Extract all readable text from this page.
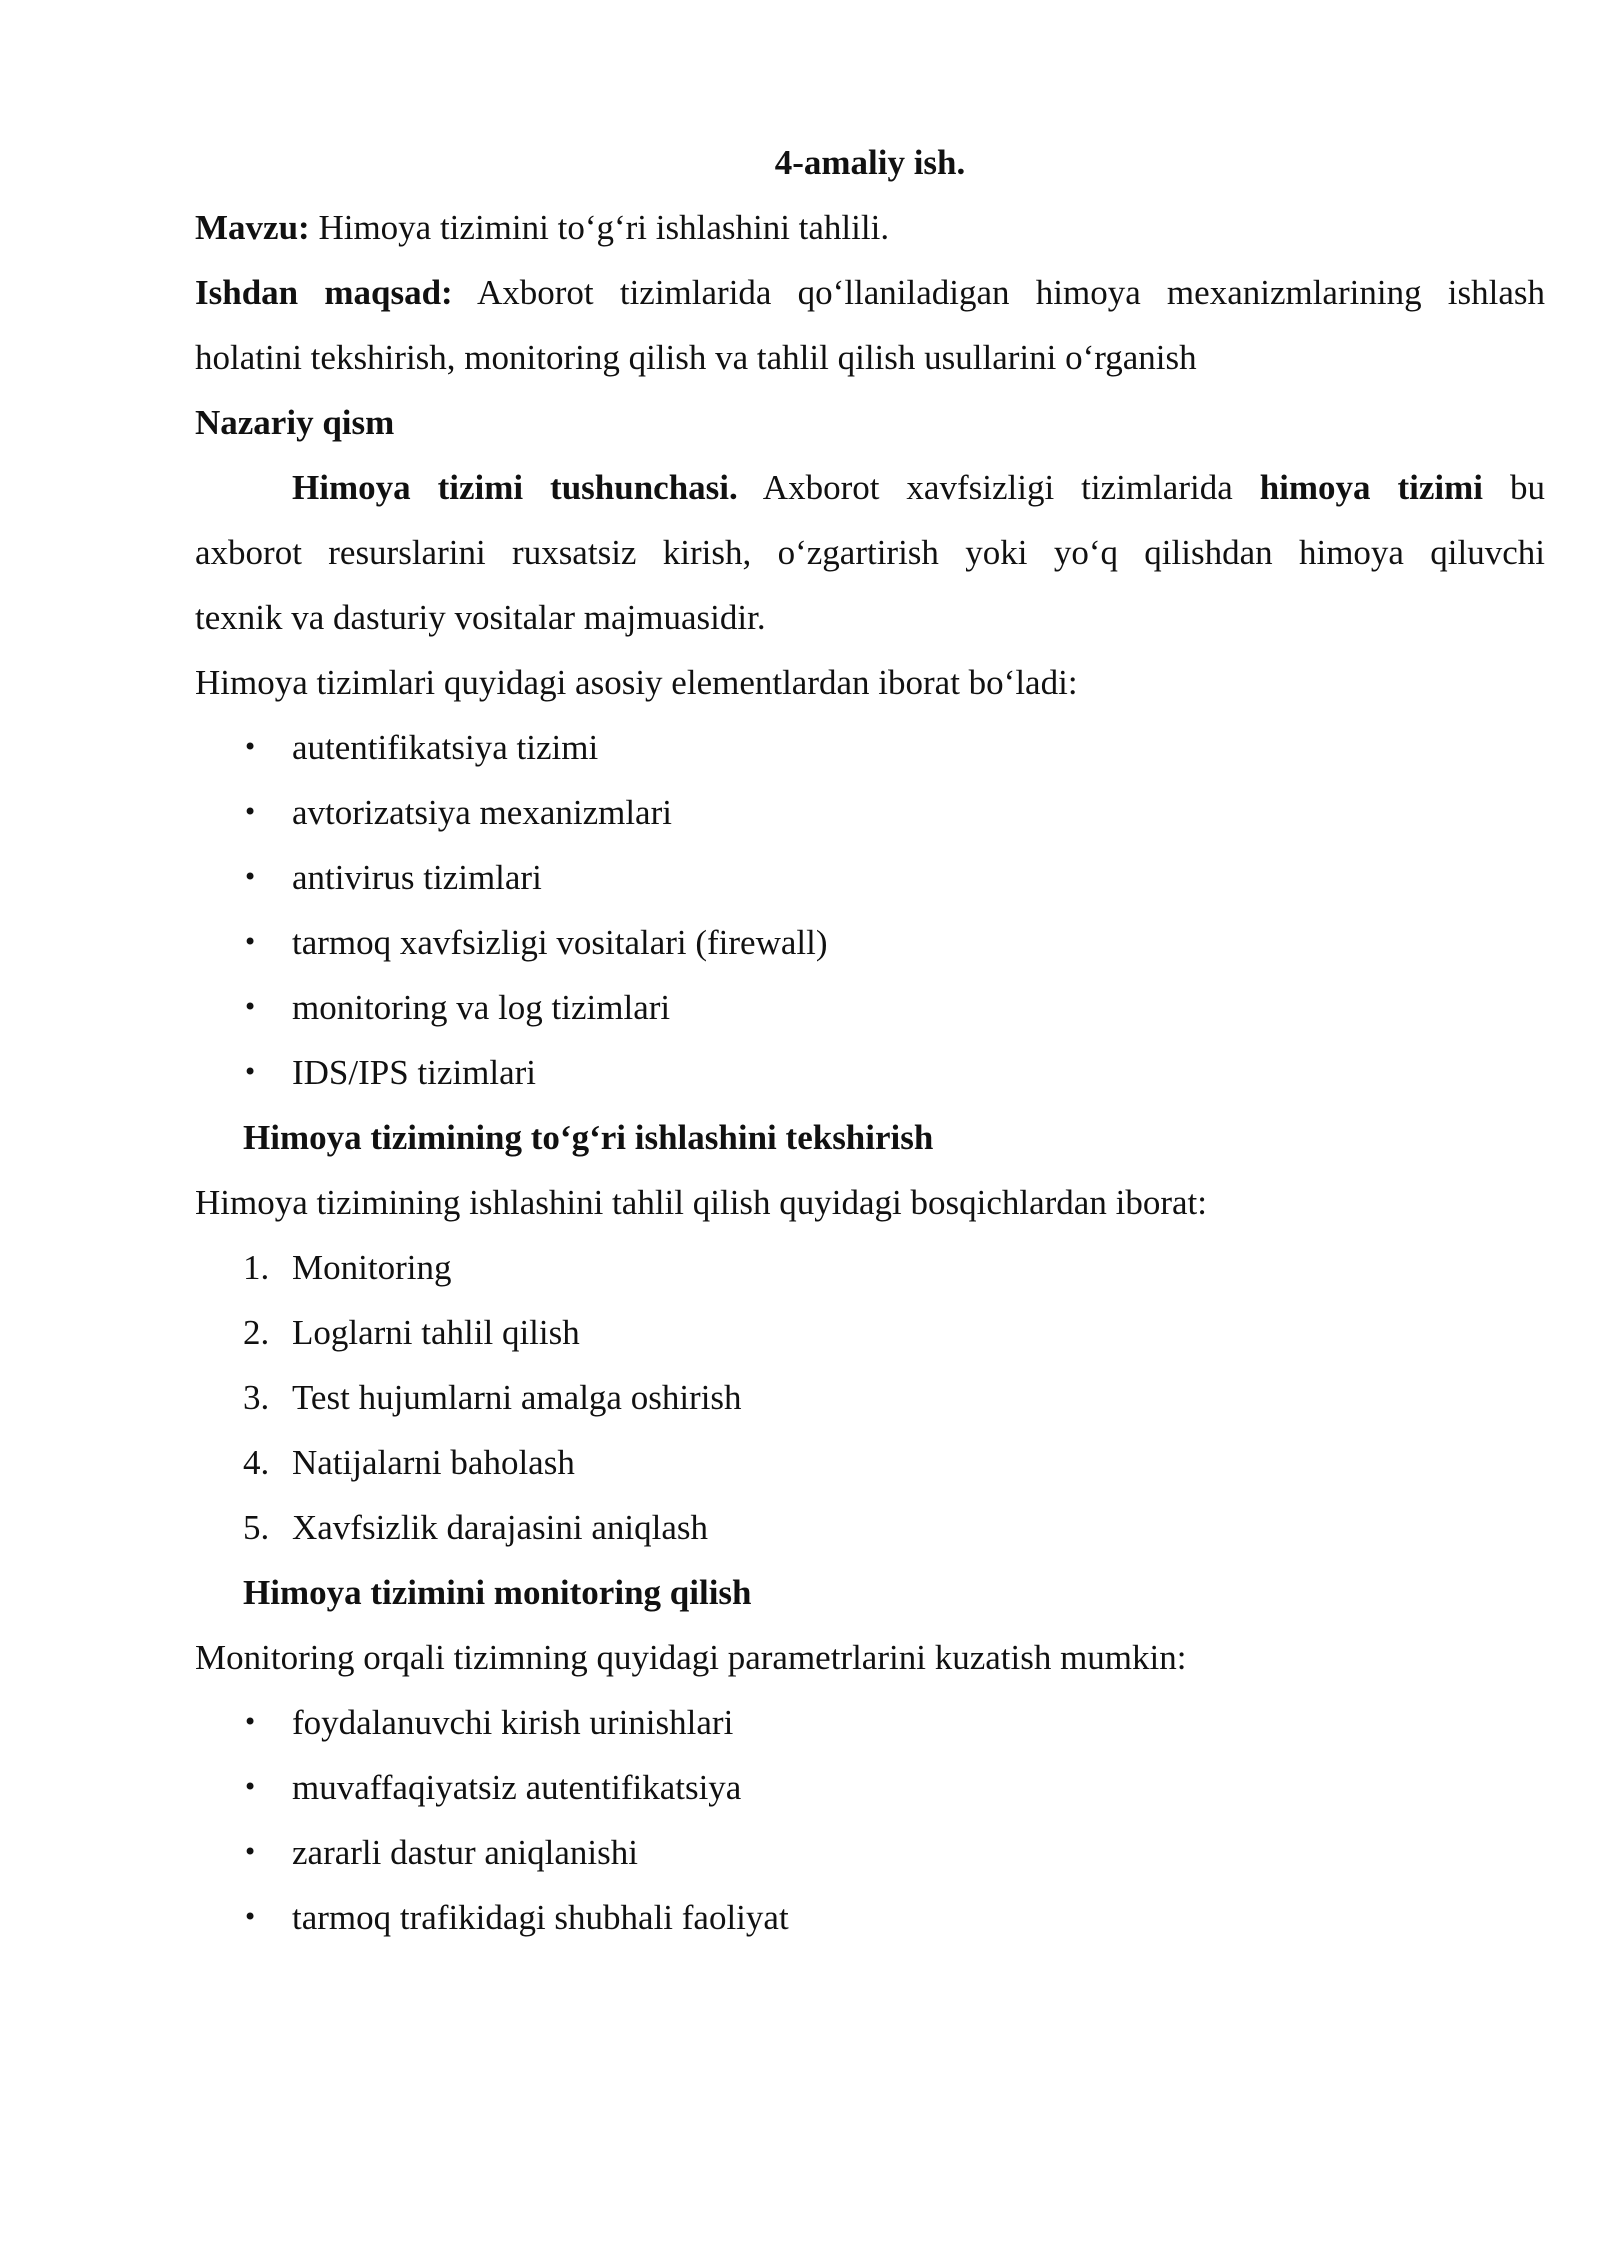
4-amaliy ish.
Mavzu: Himoya tizimini to‘g‘ri ishlashini tahlili.
Ishdan maqsad: Axborot tizimlarida qo‘llaniladigan himoya mexanizmlarining ishlash
holatini tekshirish, monitoring qilish va tahlil qilish usullarini o‘rganish
Nazariy qism
Himoya tizimi tushunchasi. Axborot xavfsizligi tizimlarida himoya tizimi bu
axborot resurslarini ruxsatsiz kirish, o‘zgartirish yoki yo‘q qilishdan himoya qiluvchi
texnik va dasturiy vositalar majmuasidir.
Himoya tizimlari quyidagi asosiy elementlardan iborat bo‘ladi:
• autentifikatsiya tizimi
• avtorizatsiya mexanizmlari
• antivirus tizimlari
• tarmoq xavfsizligi vositalari (firewall)
• monitoring va log tizimlari
• IDS/IPS tizimlari
Himoya tizimining to‘g‘ri ishlashini tekshirish
Himoya tizimining ishlashini tahlil qilish quyidagi bosqichlardan iborat:
1. Monitoring
2. Loglarni tahlil qilish
3. Test hujumlarni amalga oshirish
4. Natijalarni baholash
5. Xavfsizlik darajasini aniqlash
Himoya tizimini monitoring qilish
Monitoring orqali tizimning quyidagi parametrlarini kuzatish mumkin:
• foydalanuvchi kirish urinishlari
• muvaffaqiyatsiz autentifikatsiya
• zararli dastur aniqlanishi
• tarmoq trafikidagi shubhali faoliyat
